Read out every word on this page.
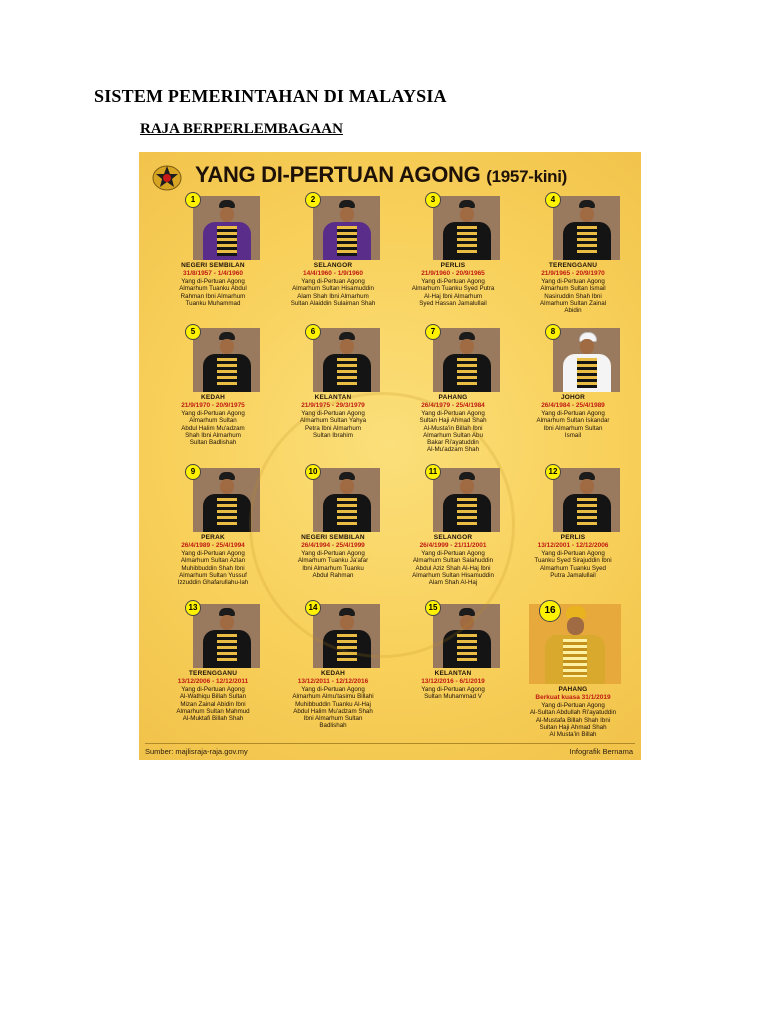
SISTEM PEMERINTAHAN DI MALAYSIA
RAJA BERPERLEMBAGAAN
YANG DI-PERTUAN AGONG (1957-kini)
1
NEGERI SEMBILAN
31/8/1957 - 1/4/1960
Yang di-Pertuan Agong
Almarhum Tuanku Abdul
Rahman Ibni Almarhum
Tuanku Muhammad
2
SELANGOR
14/4/1960 - 1/9/1960
Yang di-Pertuan Agong
Almarhum Sultan Hisamuddin
Alam Shah Ibni Almarhum
Sultan Alaiddin Sulaiman Shah
3
PERLIS
21/9/1960 - 20/9/1965
Yang di-Pertuan Agong
Almarhum Tuanku Syed Putra
Al-Haj Ibni Almarhum
Syed Hassan Jamalullail
4
TERENGGANU
21/9/1965 - 20/9/1970
Yang di-Pertuan Agong
Almarhum Sultan Ismail
Nasiruddin Shah Ibni
Almarhum Sultan Zainal
Abidin
5
KEDAH
21/9/1970 - 20/9/1975
Yang di-Pertuan Agong
Almarhum Sultan
Abdul Halim Mu'adzam
Shah Ibni Almarhum
Sultan Badlishah
6
KELANTAN
21/9/1975 - 29/3/1979
Yang di-Pertuan Agong
Almarhum Sultan Yahya
Petra Ibni Almarhum
Sultan Ibrahim
7
PAHANG
26/4/1979 - 25/4/1984
Yang di-Pertuan Agong
Sultan Haji Ahmad Shah
Al-Musta'in Billah Ibni
Almarhum Sultan Abu
Bakar Ri'ayatuddin
Al-Mu'adzam Shah
8
JOHOR
26/4/1984 - 25/4/1989
Yang di-Pertuan Agong
Almarhum Sultan Iskandar
Ibni Almarhum Sultan
Ismail
9
PERAK
26/4/1989 - 25/4/1994
Yang di-Pertuan Agong
Almarhum Sultan Azlan
Muhibbuddin Shah Ibni
Almarhum Sultan Yussuf
Izzuddin Ghafarullahu-lah
10
NEGERI SEMBILAN
26/4/1994 - 25/4/1999
Yang di-Pertuan Agong
Almarhum Tuanku Ja'afar
Ibni Almarhum Tuanku
Abdul Rahman
11
SELANGOR
26/4/1999 - 21/11/2001
Yang di-Pertuan Agong
Almarhum Sultan Salahuddin
Abdul Aziz Shah Al-Haj Ibni
Almarhum Sultan Hisamuddin
Alam Shah Al-Haj
12
PERLIS
13/12/2001 - 12/12/2006
Yang di-Pertuan Agong
Tuanku Syed Sirajuddin Ibni
Almarhum Tuanku Syed
Putra Jamalullail
13
TERENGGANU
13/12/2006 - 12/12/2011
Yang di-Pertuan Agong
Al-Wathiqu Billah Sultan
Mizan Zainal Abidin Ibni
Almarhum Sultan Mahmud
Al-Muktafi Billah Shah
14
KEDAH
13/12/2011 - 12/12/2016
Yang di-Pertuan Agong
Almarhum Almu'tasimu Billahi
Muhibbuddin Tuanku Al-Haj
Abdul Halim Mu'adzam Shah
Ibni Almarhum Sultan
Badlishah
15
KELANTAN
13/12/2016 - 6/1/2019
Yang di-Pertuan Agong
Sultan Muhammad V
16
PAHANG
Berkuat kuasa 31/1/2019
Yang di-Pertuan Agong
Al-Sultan Abdullah Ri'ayatuddin
Al-Mustafa Billah Shah Ibni
Sultan Haji Ahmad Shah
Al Musta'in Billah
Sumber: majlisraja-raja.gov.my	Infografik Bernama
